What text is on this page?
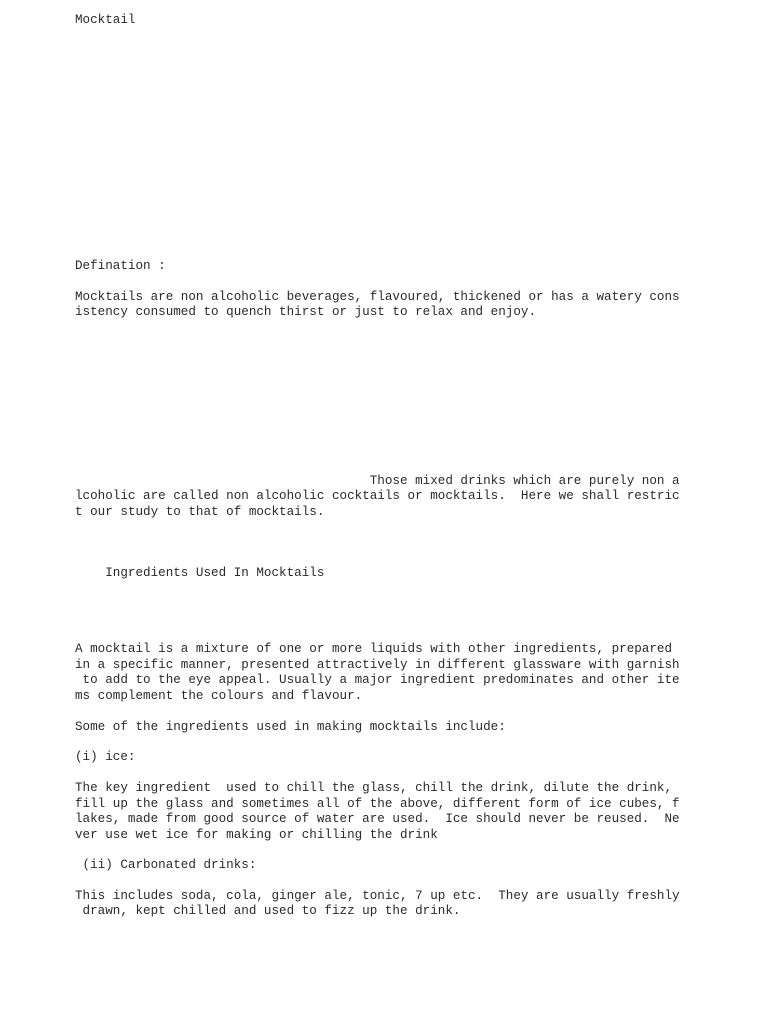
Mocktail

Defination :

Mocktails are non alcoholic beverages, flavoured, thickened or has a watery cons

istency consumed to quench thirst or just to relax and enjoy.

Those mixed drinks which are purely non a

lcoholic are called non alcoholic cocktails or mocktails.  Here we shall restric

t our study to that of mocktails.

Ingredients Used In Mocktails

A mocktail is a mixture of one or more liquids with other ingredients, prepared

in a specific manner, presented attractively in different glassware with garnish

to add to the eye appeal. Usually a major ingredient predominates and other ite

ms complement the colours and flavour.

Some of the ingredients used in making mocktails include:

(i) ice:

The key ingredient  used to chill the glass, chill the drink, dilute the drink,

fill up the glass and sometimes all of the above, different form of ice cubes, f

lakes, made from good source of water are used.  Ice should never be reused.  Ne

ver use wet ice for making or chilling the drink

(ii) Carbonated drinks:

This includes soda, cola, ginger ale, tonic, 7 up etc.  They are usually freshly

drawn, kept chilled and used to fizz up the drink.
